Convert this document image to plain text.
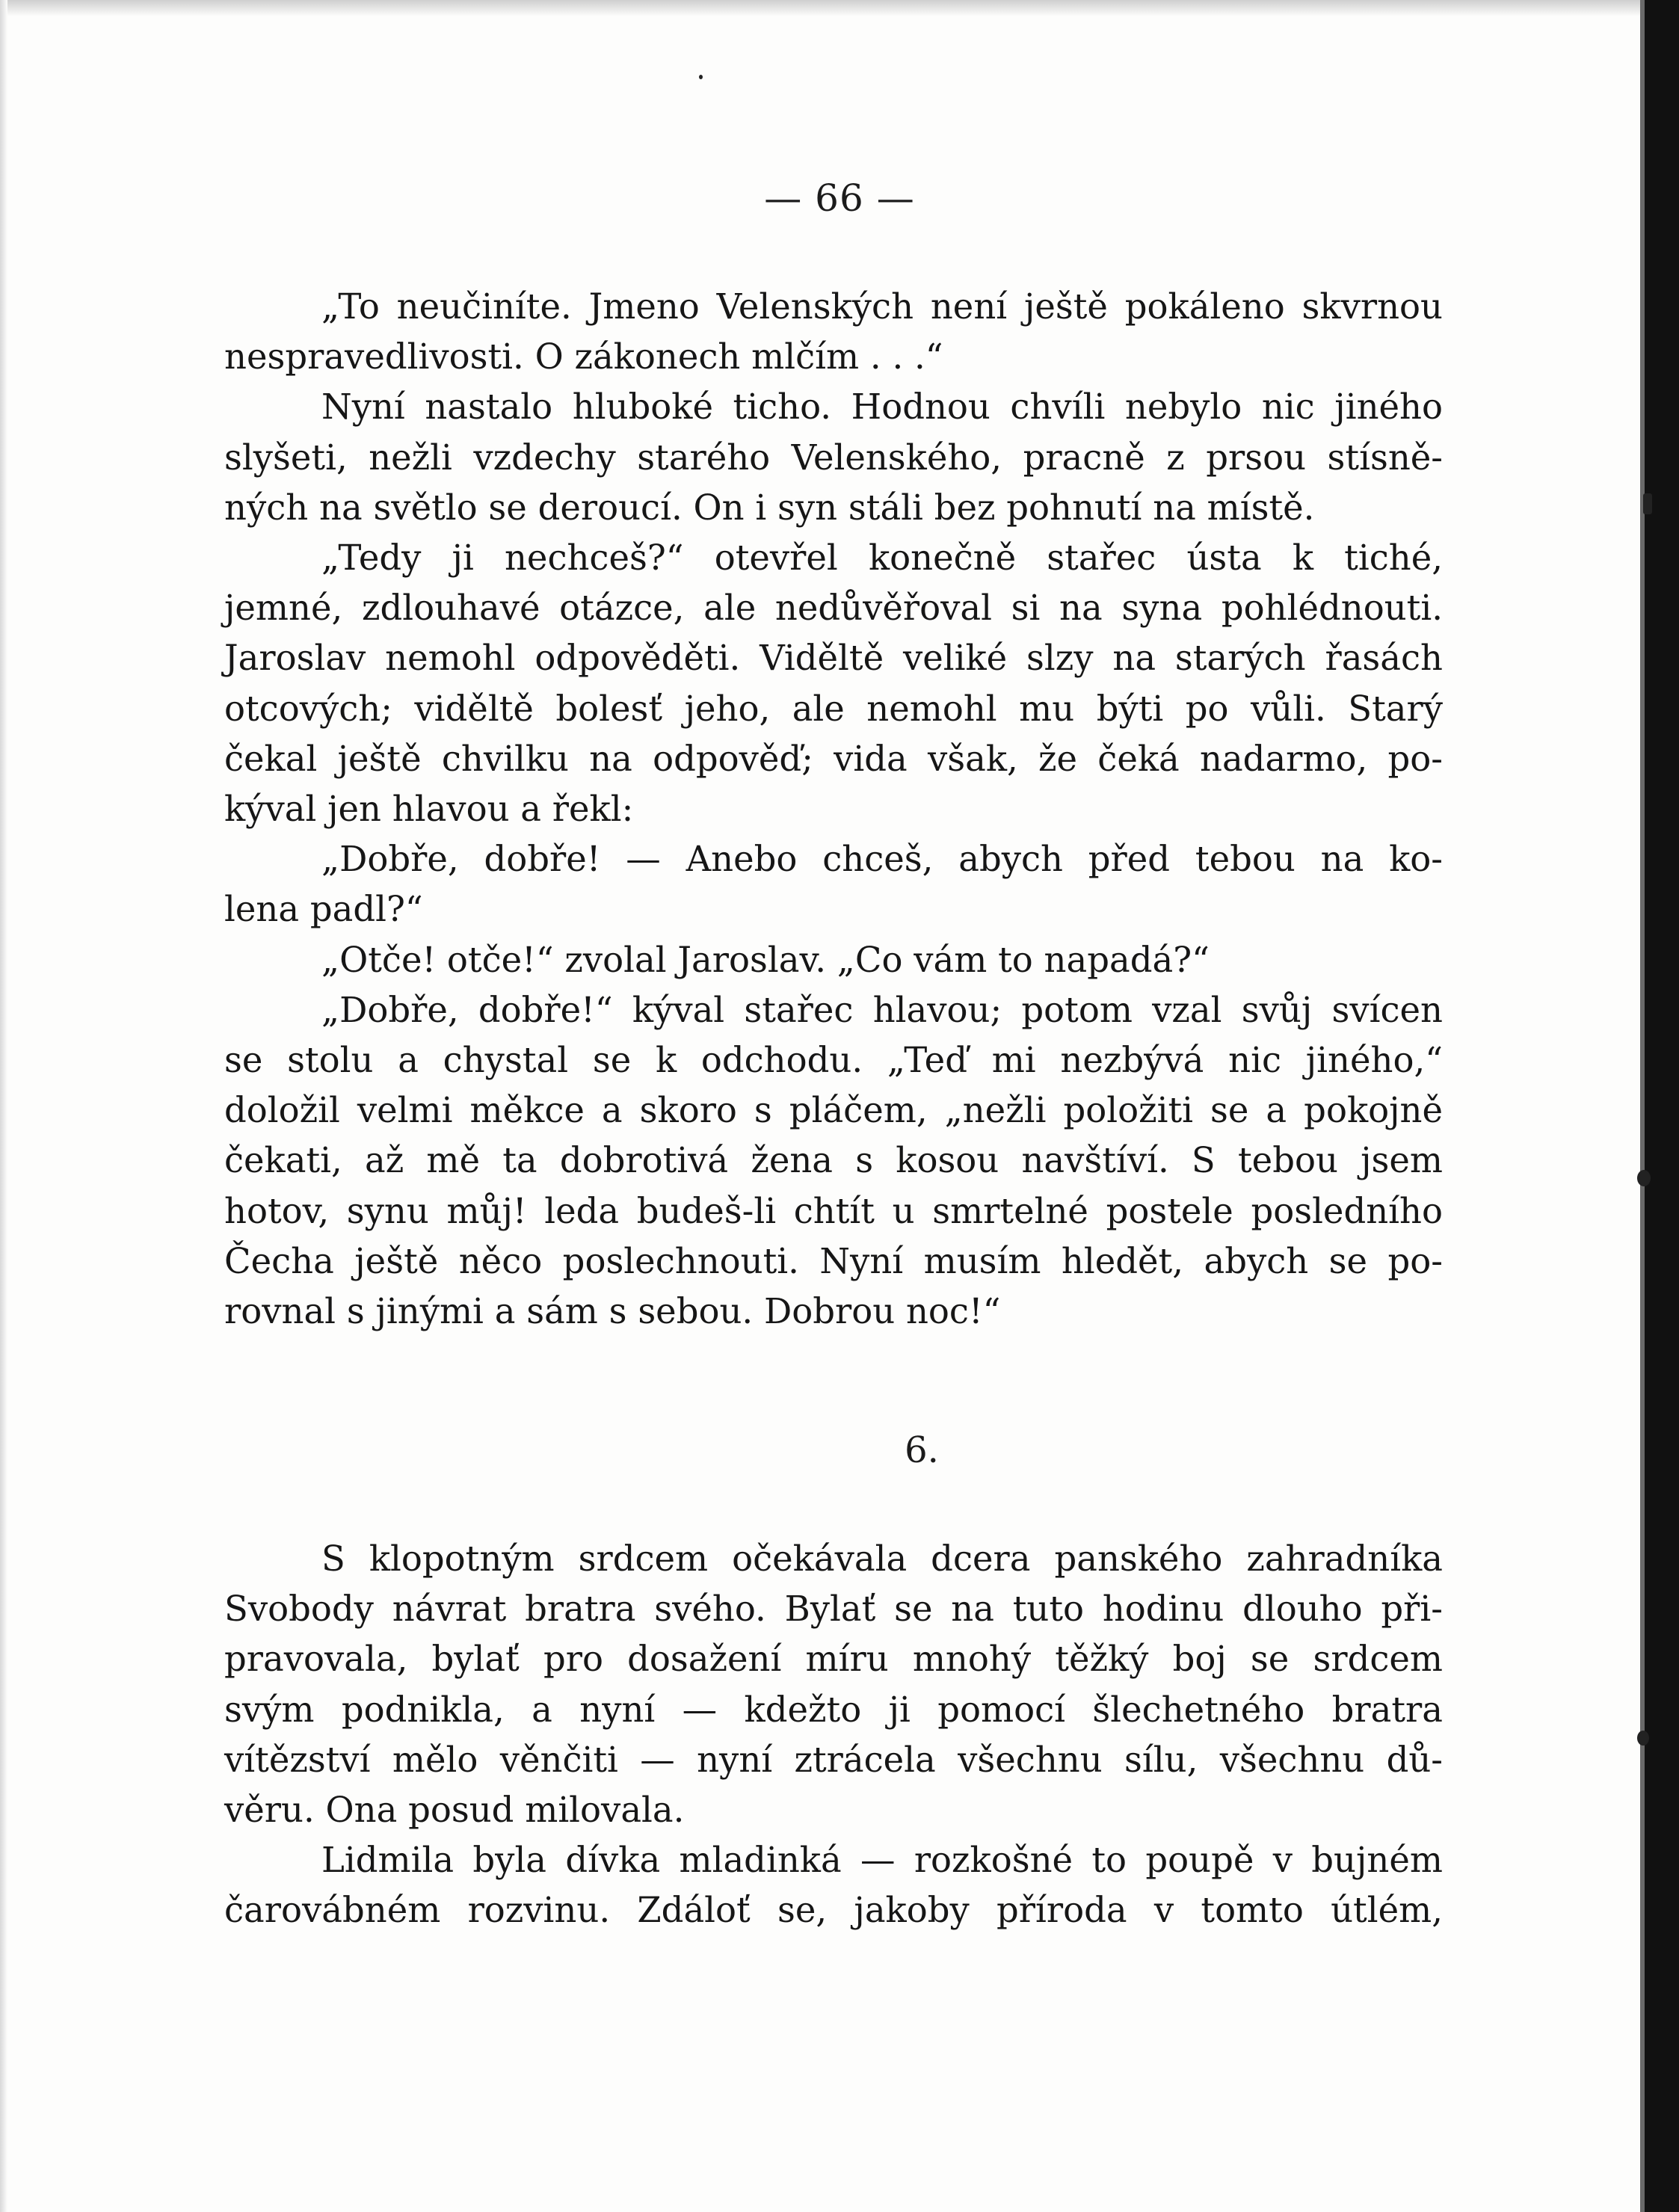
— 66 —
„To neučiníte. Jmeno Velenských není ještě pokáleno skvrnou
nespravedlivosti. O zákonech mlčím . . .“
Nyní nastalo hluboké ticho. Hodnou chvíli nebylo nic jiného
slyšeti, nežli vzdechy starého Velenského, pracně z prsou stísně-
ných na světlo se deroucí. On i syn stáli bez pohnutí na místě.
„Tedy ji nechceš?“ otevřel konečně stařec ústa k tiché,
jemné, zdlouhavé otázce, ale nedůvěřoval si na syna pohlédnouti.
Jaroslav nemohl odpověděti. Viděltě veliké slzy na starých řasách
otcových; viděltě bolesť jeho, ale nemohl mu býti po vůli. Starý
čekal ještě chvilku na odpověď; vida však, že čeká nadarmo, po-
kýval jen hlavou a řekl:
„Dobře, dobře! — Anebo chceš, abych před tebou na ko-
lena padl?“
„Otče! otče!“ zvolal Jaroslav. „Co vám to napadá?“
„Dobře, dobře!“ kýval stařec hlavou; potom vzal svůj svícen
se stolu a chystal se k odchodu. „Teď mi nezbývá nic jiného,“
doložil velmi měkce a skoro s pláčem, „nežli položiti se a pokojně
čekati, až mě ta dobrotivá žena s kosou navštíví. S tebou jsem
hotov, synu můj! leda budeš-li chtít u smrtelné postele posledního
Čecha ještě něco poslechnouti. Nyní musím hledět, abych se po-
rovnal s jinými a sám s sebou. Dobrou noc!“
6.
S klopotným srdcem očekávala dcera panského zahradníka
Svobody návrat bratra svého. Bylať se na tuto hodinu dlouho při-
pravovala, bylať pro dosažení míru mnohý těžký boj se srdcem
svým podnikla, a nyní — kdežto ji pomocí šlechetného bratra
vítězství mělo věnčiti — nyní ztrácela všechnu sílu, všechnu dů-
věru. Ona posud milovala.
Lidmila byla dívka mladinká — rozkošné to poupě v bujném
čarovábném rozvinu. Zdáloť se, jakoby příroda v tomto útlém,
